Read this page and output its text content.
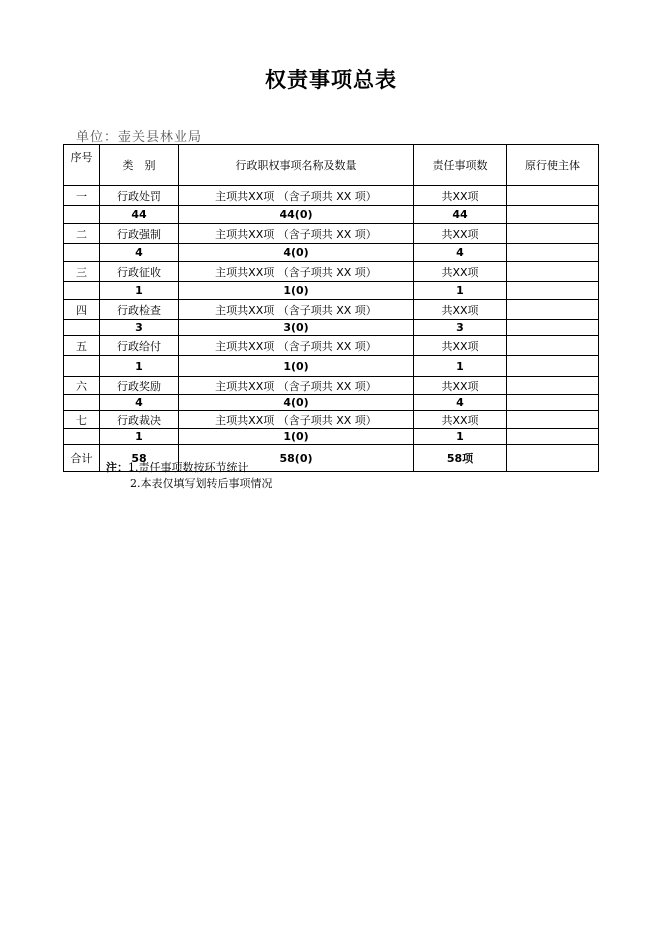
权责事项总表
单位：壶关县林业局
序号	类　别	行政职权事项名称及数量	责任事项数	原行使主体
一	行政处罚	主项共XX项 （含子项共 XX 项）	共XX项	
	44	44(0)	44	
二	行政强制	主项共XX项 （含子项共 XX 项）	共XX项	
	4	4(0)	4	
三	行政征收	主项共XX项 （含子项共 XX 项）	共XX项	
	1	1(0)	1	
四	行政检查	主项共XX项 （含子项共 XX 项）	共XX项	
	3	3(0)	3	
五	行政给付	主项共XX项 （含子项共 XX 项）	共XX项	
	1	1(0)	1	
六	行政奖励	主项共XX项 （含子项共 XX 项）	共XX项	
	4	4(0)	4	
七	行政裁决	主项共XX项 （含子项共 XX 项）	共XX项	
	1	1(0)	1	
合计	58	58(0)	58项	
注：1.责任事项数按环节统计
2.本表仅填写划转后事项情况
